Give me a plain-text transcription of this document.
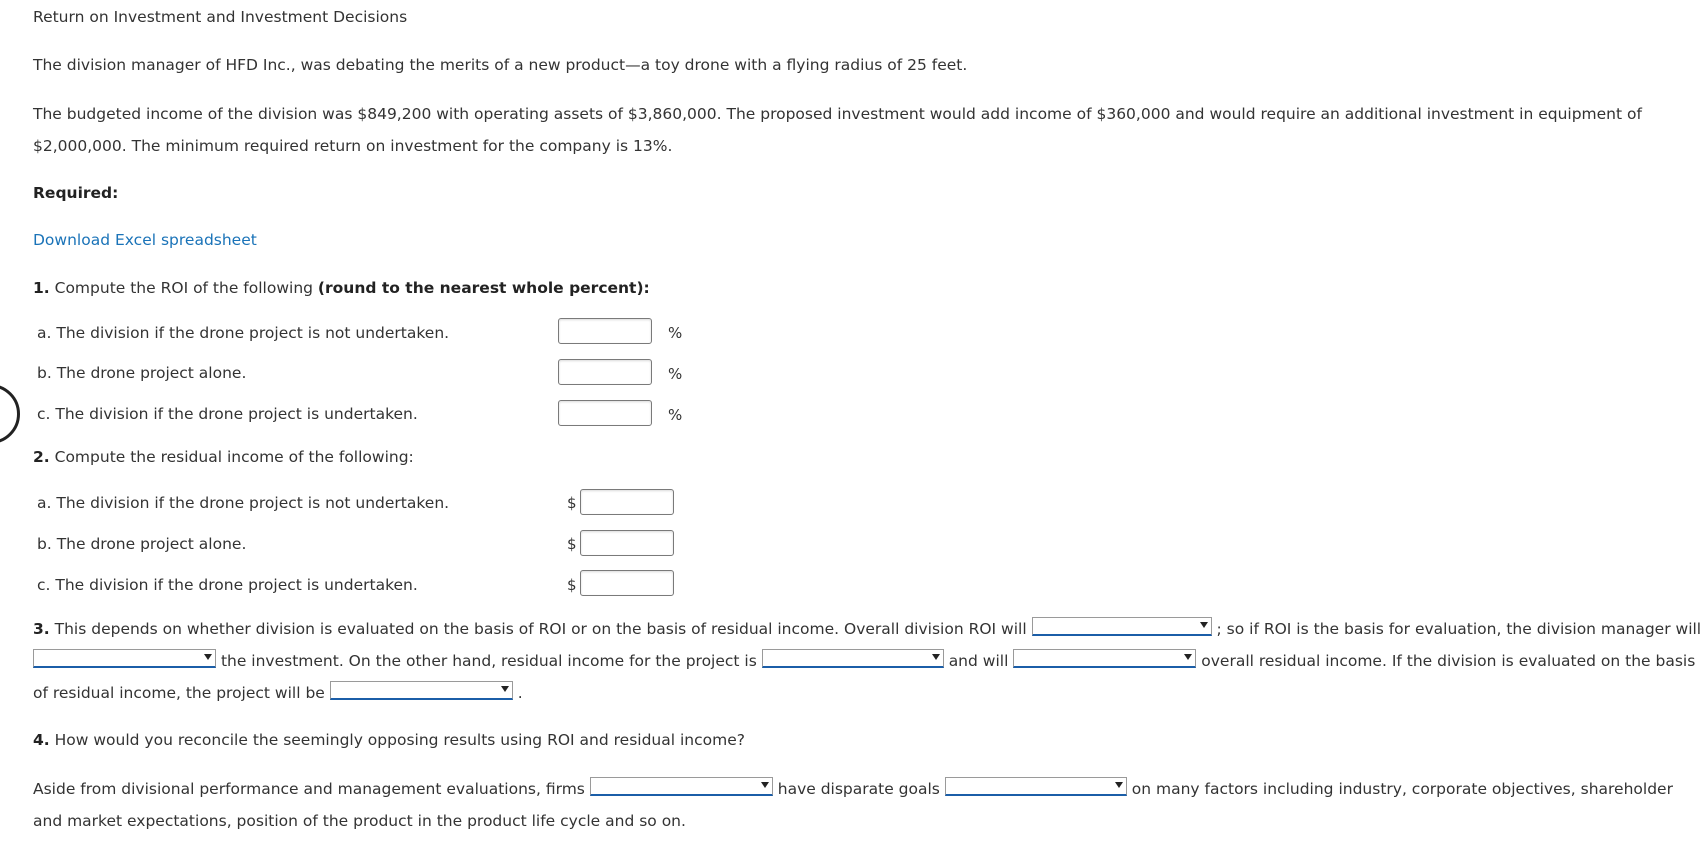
Return on Investment and Investment Decisions
The division manager of HFD Inc., was debating the merits of a new product—a toy drone with a flying radius of 25 feet.
The budgeted income of the division was $849,200 with operating assets of $3,860,000. The proposed investment would add income of $360,000 and would require an additional investment in equipment of $2,000,000. The minimum required return on investment for the company is 13%.
Required:
Download Excel spreadsheet
1. Compute the ROI of the following (round to the nearest whole percent):
a. The division if the drone project is not undertaken.	%
b. The drone project alone.	%
c. The division if the drone project is undertaken.	%
2. Compute the residual income of the following:
a. The division if the drone project is not undertaken.	$
b. The drone project alone.	$
c. The division if the drone project is undertaken.	$
3. This depends on whether division is evaluated on the basis of ROI or on the basis of residual income. Overall division ROI will	; so if ROI is the basis for evaluation, the division manager will
the investment. On the other hand, residual income for the project is	and will	overall residual income. If the division is evaluated on the basis of residual income, the project will be	.
4. How would you reconcile the seemingly opposing results using ROI and residual income?
Aside from divisional performance and management evaluations, firms	have disparate goals	on many factors including industry, corporate objectives, shareholder and market expectations, position of the product in the product life cycle and so on.
